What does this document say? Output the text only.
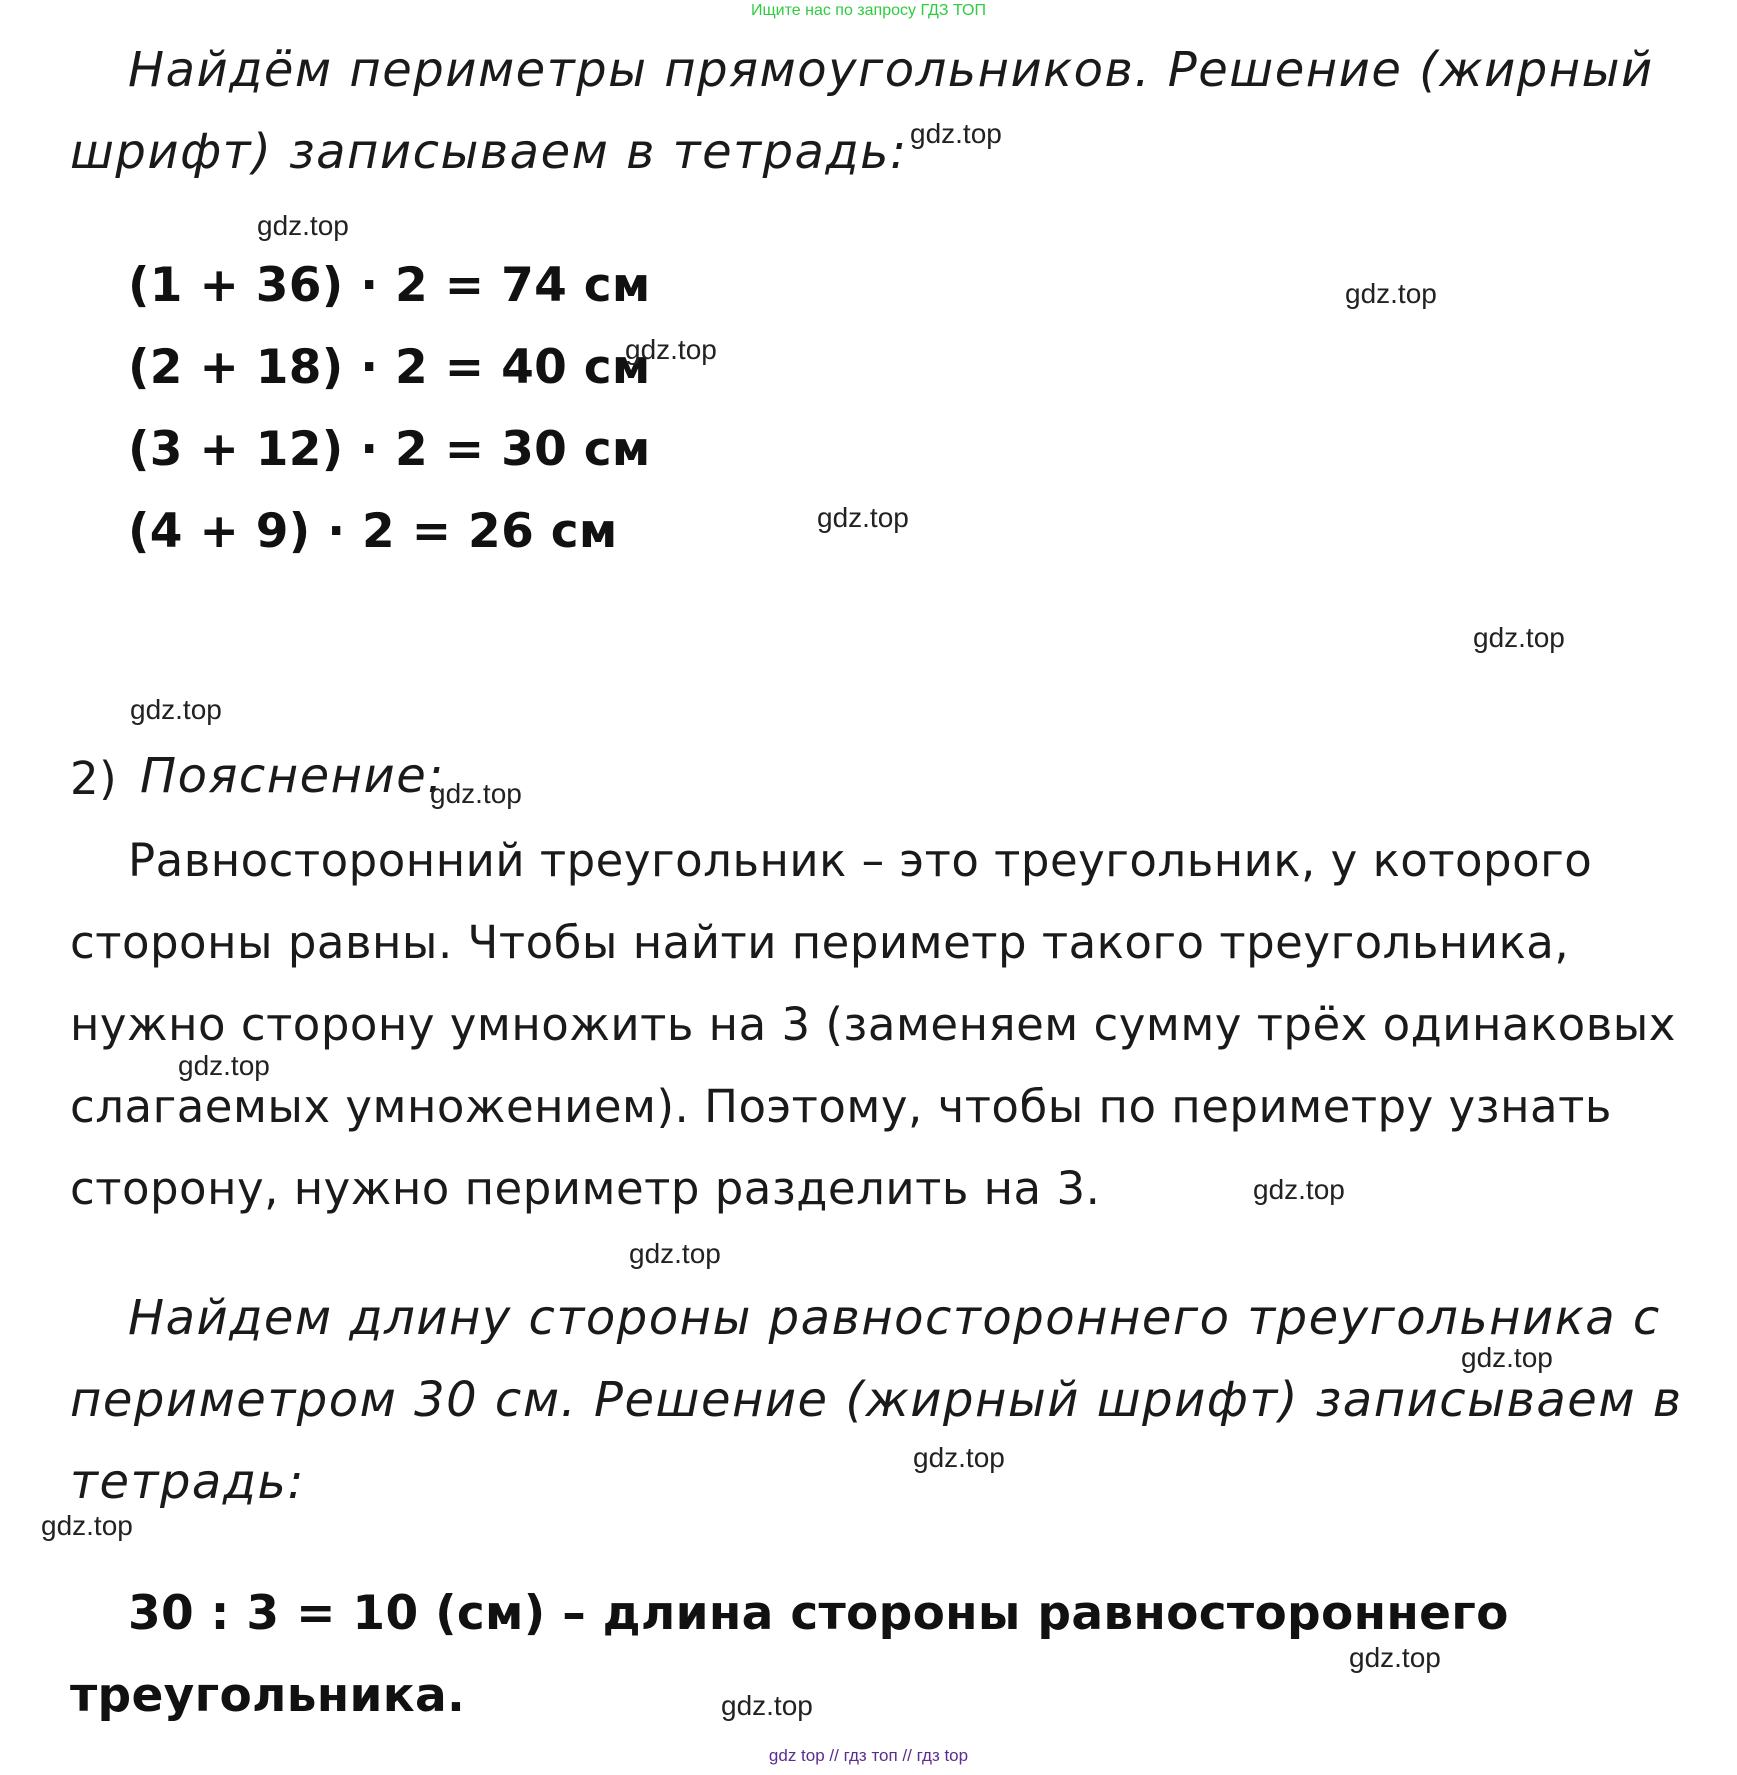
Ищите нас по запросу ГДЗ ТОП
Найдём периметры прямоугольников. Решение (жирный
шрифт) записываем в тетрадь:
(1 + 36) · 2 = 74 см
(2 + 18) · 2 = 40 см
(3 + 12) · 2 = 30 см
(4 + 9) · 2 = 26 см
2) Пояснение:
Равносторонний треугольник – это треугольник, у которого
стороны равны. Чтобы найти периметр такого треугольника,
нужно сторону умножить на 3 (заменяем сумму трёх одинаковых
слагаемых умножением). Поэтому, чтобы по периметру узнать
сторону, нужно периметр разделить на 3.
Найдем длину стороны равностороннего треугольника с
периметром 30 см. Решение (жирный шрифт) записываем в
тетрадь:
30 : 3 = 10 (см) – длина стороны равностороннего
треугольника.
gdz.top
gdz.top
gdz.top
gdz.top
gdz.top
gdz.top
gdz.top
gdz.top
gdz.top
gdz.top
gdz.top
gdz.top
gdz.top
gdz.top
gdz.top
gdz.top
gdz top // гдз топ // гдз top
